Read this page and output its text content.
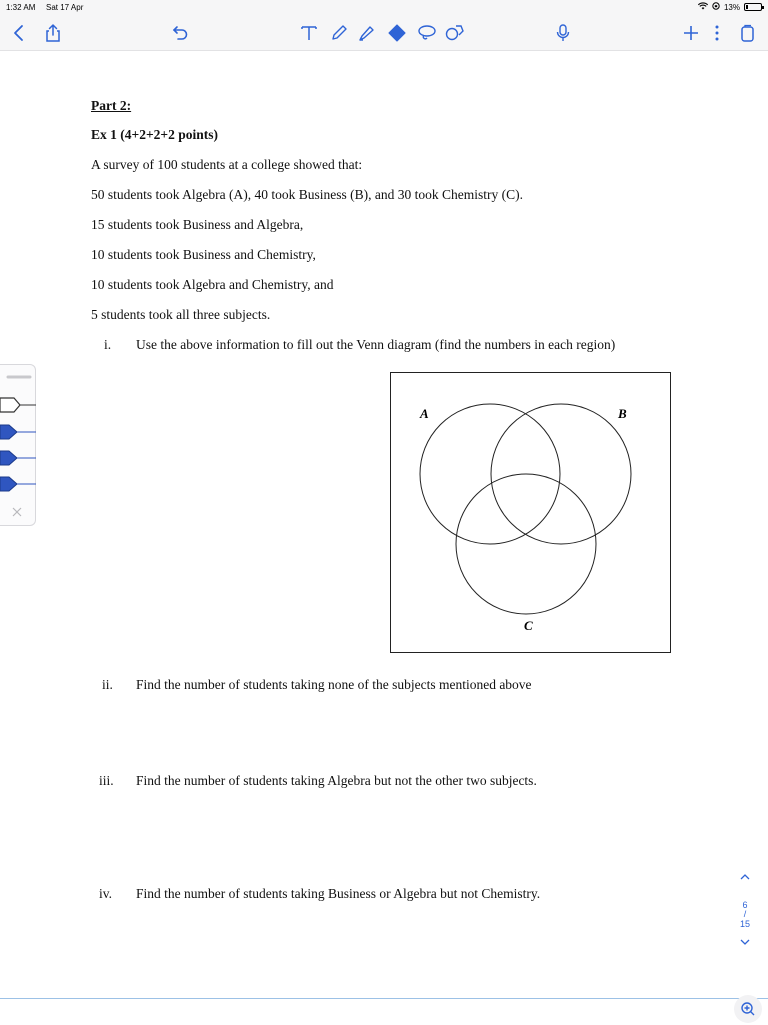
1:32 AM Sat 17 Apr	13%
Part 2:
Ex 1 (4+2+2+2 points)
A survey of 100 students at a college showed that:
50 students took Algebra (A), 40 took Business (B), and 30 took Chemistry (C).
15 students took Business and Algebra,
10 students took Business and Chemistry,
10 students took Algebra and Chemistry, and
5 students took all three subjects.
i. Use the above information to fill out the Venn diagram (find the numbers in each region)
A	B
C
ii. Find the number of students taking none of the subjects mentioned above
iii. Find the number of students taking Algebra but not the other two subjects.
iv. Find the number of students taking Business or Algebra but not Chemistry.
6
/
15
